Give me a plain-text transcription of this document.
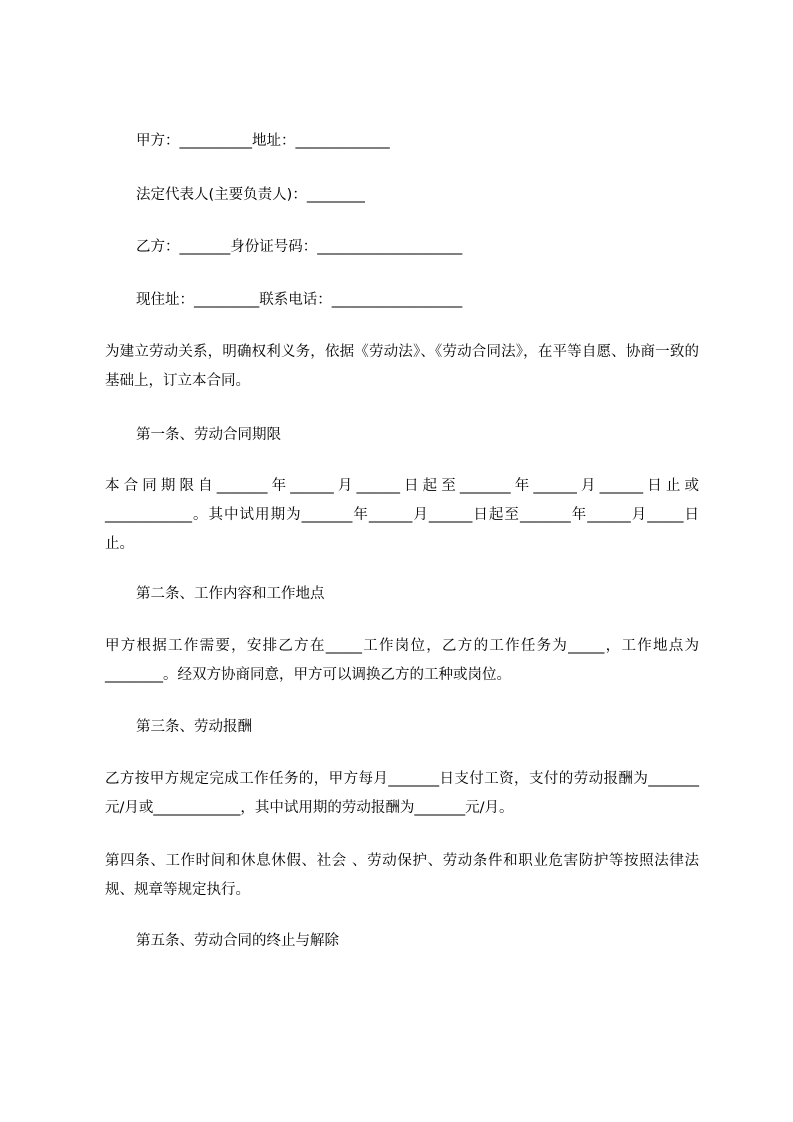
甲方：__________地址：_____________
法定代表人(主要负责人)：________
乙方：_______身份证号码：____________________
现住址：_________联系电话：__________________

为建立劳动关系，明确权利义务，依据《劳动法》、《劳动合同法》，在平等自愿、协商一致的基础上，订立本合同。

第一条、劳动合同期限

本合同期限自_______年______月______日起至_______年______月______日止或____________。其中试用期为_______年______月______日起至_______年______月_____日止。

第二条、工作内容和工作地点

甲方根据工作需要，安排乙方在_____工作岗位，乙方的工作任务为_____，工作地点为________。经双方协商同意，甲方可以调换乙方的工种或岗位。

第三条、劳动报酬

乙方按甲方规定完成工作任务的，甲方每月_______日支付工资，支付的劳动报酬为_______元/月或____________，其中试用期的劳动报酬为_______元/月。

第四条、工作时间和休息休假、社会 、劳动保护、劳动条件和职业危害防护等按照法律法规、规章等规定执行。

第五条、劳动合同的终止与解除
